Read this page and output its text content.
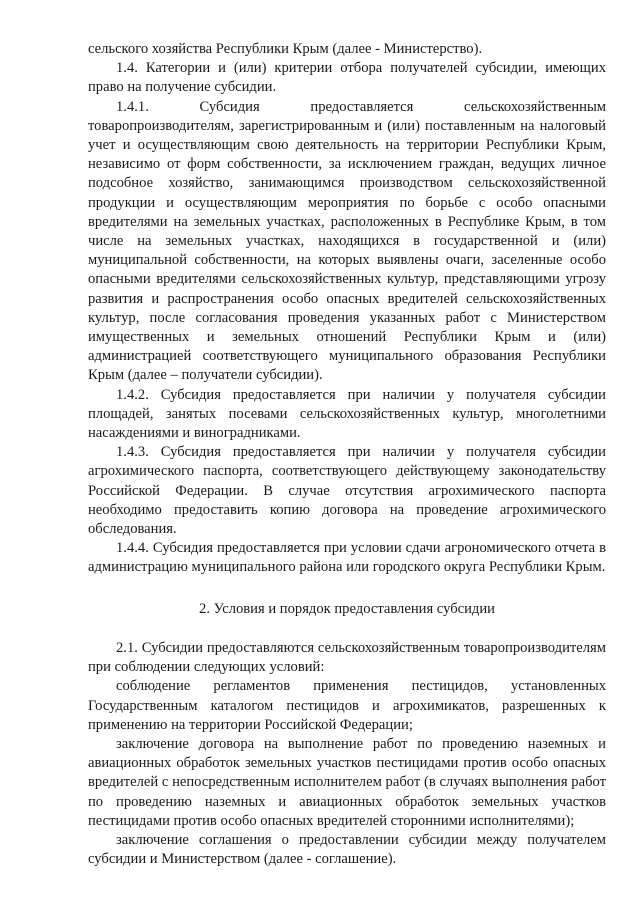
сельского хозяйства Республики Крым (далее - Министерство).

1.4. Категории и (или) критерии отбора получателей субсидии, имеющих право на получение субсидии.

1.4.1. Субсидия предоставляется сельскохозяйственным товаропроизводителям, зарегистрированным и (или) поставленным на налоговый учет и осуществляющим свою деятельность на территории Республики Крым, независимо от форм собственности, за исключением граждан, ведущих личное подсобное хозяйство, занимающимся производством сельскохозяйственной продукции и осуществляющим мероприятия по борьбе с особо опасными вредителями на земельных участках, расположенных в Республике Крым, в том числе на земельных участках, находящихся в государственной и (или) муниципальной собственности, на которых выявлены очаги, заселенные особо опасными вредителями сельскохозяйственных культур, представляющими угрозу развития и распространения особо опасных вредителей сельскохозяйственных культур, после согласования проведения указанных работ с Министерством имущественных и земельных отношений Республики Крым и (или) администрацией соответствующего муниципального образования Республики Крым (далее – получатели субсидии).

1.4.2. Субсидия предоставляется при наличии у получателя субсидии площадей, занятых посевами сельскохозяйственных культур, многолетними насаждениями и виноградниками.

1.4.3. Субсидия предоставляется при наличии у получателя субсидии агрохимического паспорта, соответствующего действующему законодательству Российской Федерации. В случае отсутствия агрохимического паспорта необходимо предоставить копию договора на проведение агрохимического обследования.

1.4.4. Субсидия предоставляется при условии сдачи агрономического отчета в администрацию муниципального района или городского округа Республики Крым.

2. Условия и порядок предоставления субсидии

2.1. Субсидии предоставляются сельскохозяйственным товаропроизводителям при соблюдении следующих условий:

соблюдение регламентов применения пестицидов, установленных Государственным каталогом пестицидов и агрохимикатов, разрешенных к применению на территории Российской Федерации;

заключение договора на выполнение работ по проведению наземных и авиационных обработок земельных участков пестицидами против особо опасных вредителей с непосредственным исполнителем работ (в случаях выполнения работ по проведению наземных и авиационных обработок земельных участков пестицидами против особо опасных вредителей сторонними исполнителями);

заключение соглашения о предоставлении субсидии между получателем субсидии и Министерством (далее - соглашение).
